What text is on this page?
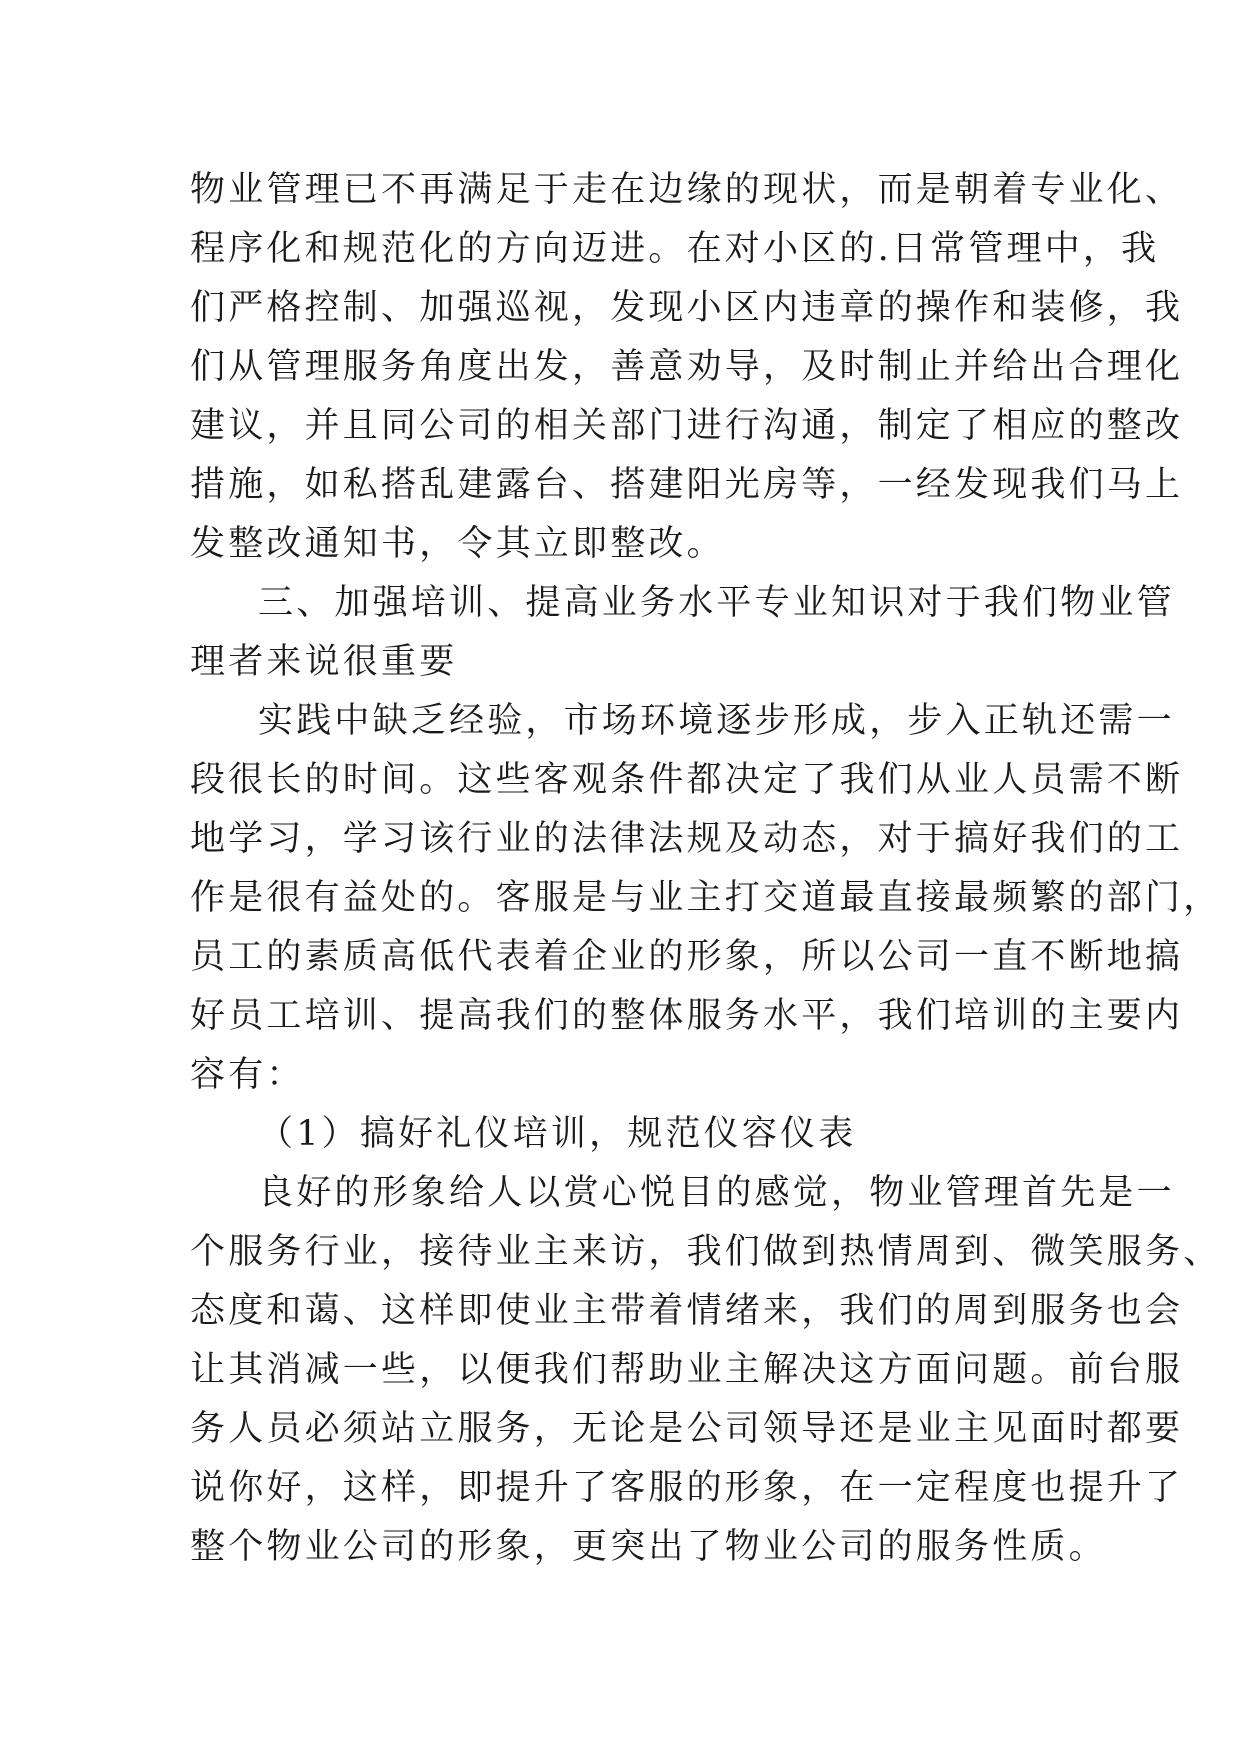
物业管理已不再满足于走在边缘的现状，而是朝着专业化、
程序化和规范化的方向迈进。在对小区的.日常管理中，我
们严格控制、加强巡视，发现小区内违章的操作和装修，我
们从管理服务角度出发，善意劝导，及时制止并给出合理化
建议，并且同公司的相关部门进行沟通，制定了相应的整改
措施，如私搭乱建露台、搭建阳光房等，一经发现我们马上
发整改通知书，令其立即整改。
三、加强培训、提高业务水平专业知识对于我们物业管
理者来说很重要
实践中缺乏经验，市场环境逐步形成，步入正轨还需一
段很长的时间。这些客观条件都决定了我们从业人员需不断
地学习，学习该行业的法律法规及动态，对于搞好我们的工
作是很有益处的。客服是与业主打交道最直接最频繁的部门，
员工的素质高低代表着企业的形象，所以公司一直不断地搞
好员工培训、提高我们的整体服务水平，我们培训的主要内
容有：
（1）搞好礼仪培训，规范仪容仪表
良好的形象给人以赏心悦目的感觉，物业管理首先是一
个服务行业，接待业主来访，我们做到热情周到、微笑服务、
态度和蔼、这样即使业主带着情绪来，我们的周到服务也会
让其消减一些，以便我们帮助业主解决这方面问题。前台服
务人员必须站立服务，无论是公司领导还是业主见面时都要
说你好，这样，即提升了客服的形象，在一定程度也提升了
整个物业公司的形象，更突出了物业公司的服务性质。
